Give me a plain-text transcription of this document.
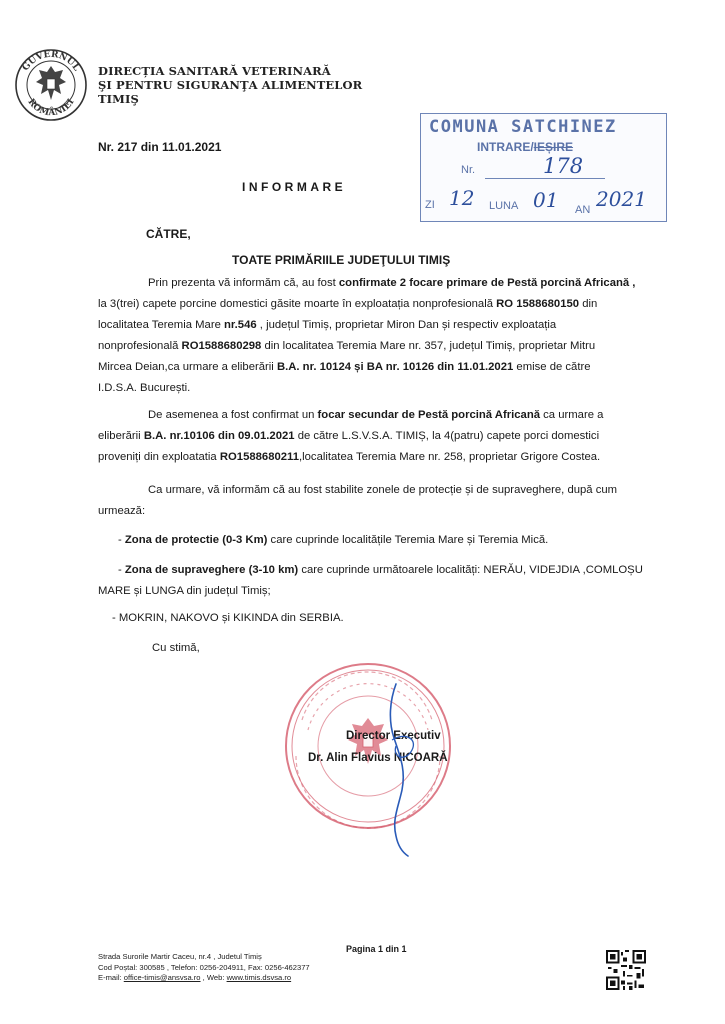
GUVERNUL
ROMÂNIEI
DIRECȚIA SANITARĂ VETERINARĂ
ŞI PENTRU SIGURANŢA ALIMENTELOR
TIMIŞ
COMUNA SATCHINEZ
INTRARE/IEȘIRE
Nr.	178
ZI 12 LUNA 01 AN 2021
Nr. 217 din 11.01.2021
INFORMARE
CĂTRE,
TOATE PRIMĂRIILE JUDEŢULUI TIMIŞ
Prin prezenta vă informăm că, au fost confirmate 2 focare primare de Pestă porcină Africană ,
la 3(trei) capete porcine domestici găsite moarte în exploatația nonprofesională RO 1588680150 din
localitatea Teremia Mare nr.546 , județul Timiș, proprietar Miron Dan și respectiv exploatația
nonprofesională RO1588680298 din localitatea Teremia Mare nr. 357, județul Timiș, proprietar Mitru
Mircea Deian,ca urmare a eliberării B.A. nr. 10124 și BA nr. 10126 din 11.01.2021 emise de către
I.D.S.A. București.
De asemenea a fost confirmat un focar secundar de Pestă porcină Africană ca urmare a
eliberării B.A. nr.10106 din 09.01.2021 de către L.S.V.S.A. TIMIȘ, la 4(patru) capete porci domestici
proveniți din exploatatia RO1588680211,localitatea Teremia Mare nr. 258, proprietar Grigore Costea.
Ca urmare, vă informăm că au fost stabilite zonele de protecție și de supraveghere, după cum
urmează:
- Zona de protectie (0-3 Km) care cuprinde localitățile Teremia Mare și Teremia Mică.
- Zona de supraveghere (3-10 km) care cuprinde următoarele localități: NERĂU, VIDEJDIA ,COMLOȘU
MARE și LUNGA din județul Timiș;
- MOKRIN, NAKOVO și KIKINDA din SERBIA.
Cu stimă,
Director Executiv
Dr. Alin Flavius NICOARĂ
Pagina 1 din 1
Strada Surorile Martir Caceu, nr.4 , Judetul Timiș
Cod Poștal: 300585 , Telefon: 0256-204911, Fax: 0256-462377
E-mail: office-timis@ansvsa.ro , Web: www.timis.dsvsa.ro
